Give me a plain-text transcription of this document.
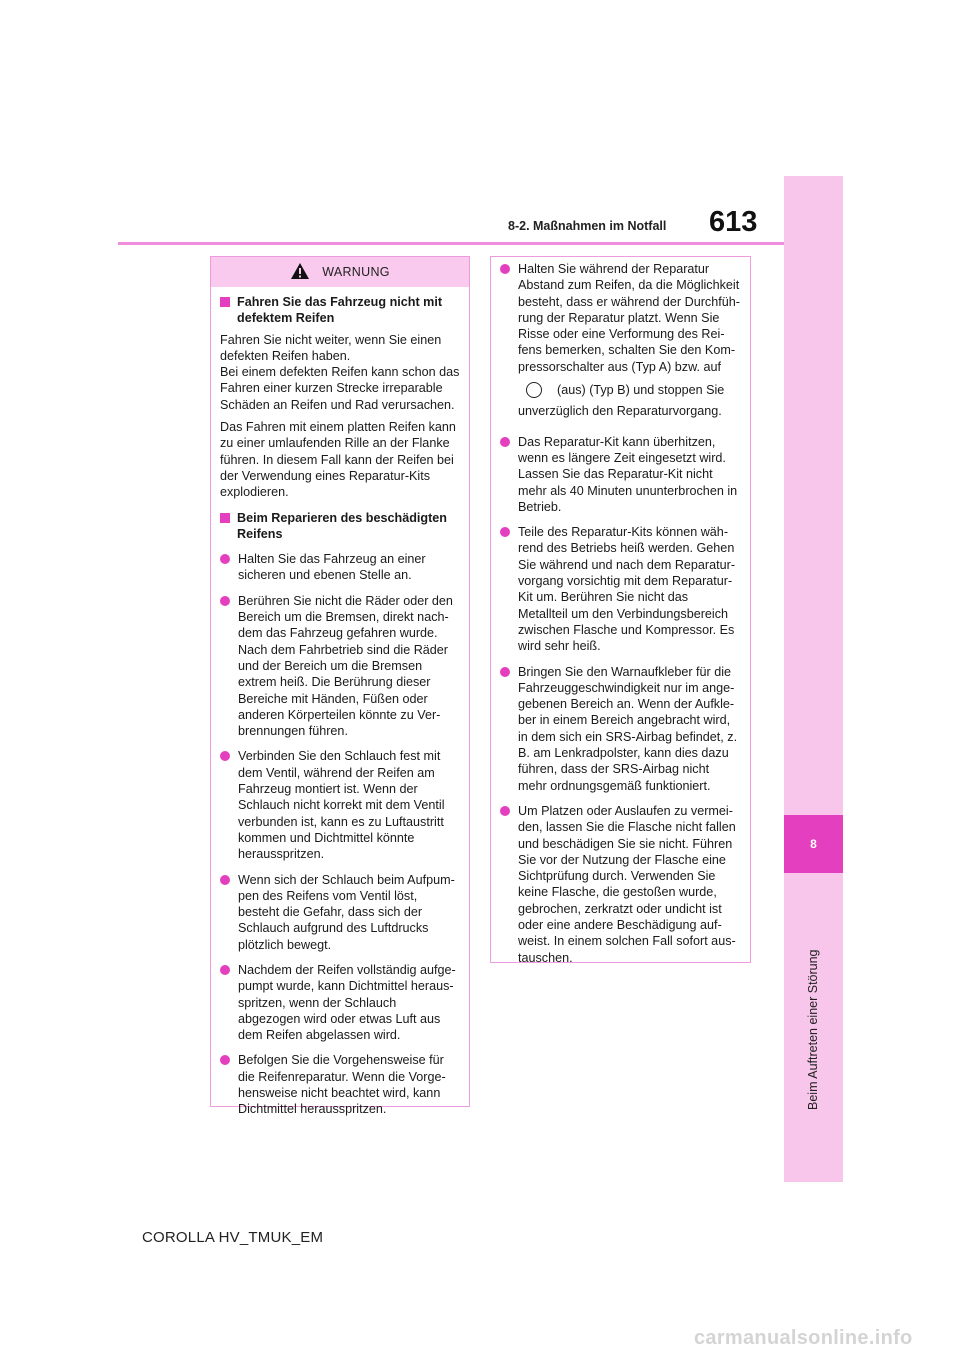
8
Beim Auftreten einer Störung
8-2. Maßnahmen im Notfall 613
WARNUNG
Fahren Sie das Fahrzeug nicht mit defektem Reifen
Fahren Sie nicht weiter, wenn Sie einen defekten Reifen haben.
Bei einem defekten Reifen kann schon das Fahren einer kurzen Strecke irreparable Schäden an Reifen und Rad verursachen.
Das Fahren mit einem platten Reifen kann zu einer umlaufenden Rille an der Flanke führen. In diesem Fall kann der Reifen bei der Verwendung eines Reparatur-Kits explodieren.
Beim Reparieren des beschädigten Reifens
Halten Sie das Fahrzeug an einer sicheren und ebenen Stelle an.
Berühren Sie nicht die Räder oder den Bereich um die Bremsen, direkt nachdem das Fahrzeug gefahren wurde. Nach dem Fahrbetrieb sind die Räder und der Bereich um die Bremsen extrem heiß. Die Berührung dieser Bereiche mit Händen, Füßen oder anderen Körperteilen könnte zu Verbrennungen führen.
Verbinden Sie den Schlauch fest mit dem Ventil, während der Reifen am Fahrzeug montiert ist. Wenn der Schlauch nicht korrekt mit dem Ventil verbunden ist, kann es zu Luftaustritt kommen und Dichtmittel könnte herausspritzen.
Wenn sich der Schlauch beim Aufpumpen des Reifens vom Ventil löst, besteht die Gefahr, dass sich der Schlauch aufgrund des Luftdrucks plötzlich bewegt.
Nachdem der Reifen vollständig aufgepumpt wurde, kann Dichtmittel herausspritzen, wenn der Schlauch abgezogen wird oder etwas Luft aus dem Reifen abgelassen wird.
Befolgen Sie die Vorgehensweise für die Reifenreparatur. Wenn die Vorgehensweise nicht beachtet wird, kann Dichtmittel herausspritzen.
Halten Sie während der Reparatur Abstand zum Reifen, da die Möglichkeit besteht, dass er während der Durchführung der Reparatur platzt. Wenn Sie Risse oder eine Verformung des Reifens bemerken, schalten Sie den Kompressorschalter aus (Typ A) bzw. auf
(aus) (Typ B) und stoppen Sie
unverzüglich den Reparaturvorgang.
Das Reparatur-Kit kann überhitzen, wenn es längere Zeit eingesetzt wird. Lassen Sie das Reparatur-Kit nicht mehr als 40 Minuten ununterbrochen in Betrieb.
Teile des Reparatur-Kits können während des Betriebs heiß werden. Gehen Sie während und nach dem Reparaturvorgang vorsichtig mit dem Reparatur-Kit um. Berühren Sie nicht das Metallteil um den Verbindungsbereich zwischen Flasche und Kompressor. Es wird sehr heiß.
Bringen Sie den Warnaufkleber für die Fahrzeuggeschwindigkeit nur im angegebenen Bereich an. Wenn der Aufkleber in einem Bereich angebracht wird, in dem sich ein SRS-Airbag befindet, z. B. am Lenkradpolster, kann dies dazu führen, dass der SRS-Airbag nicht mehr ordnungsgemäß funktioniert.
Um Platzen oder Auslaufen zu vermeiden, lassen Sie die Flasche nicht fallen und beschädigen Sie sie nicht. Führen Sie vor der Nutzung der Flasche eine Sichtprüfung durch. Verwenden Sie keine Flasche, die gestoßen wurde, gebrochen, zerkratzt oder undicht ist oder eine andere Beschädigung aufweist. In einem solchen Fall sofort austauschen.
COROLLA HV_TMUK_EM
carmanualsonline.info
